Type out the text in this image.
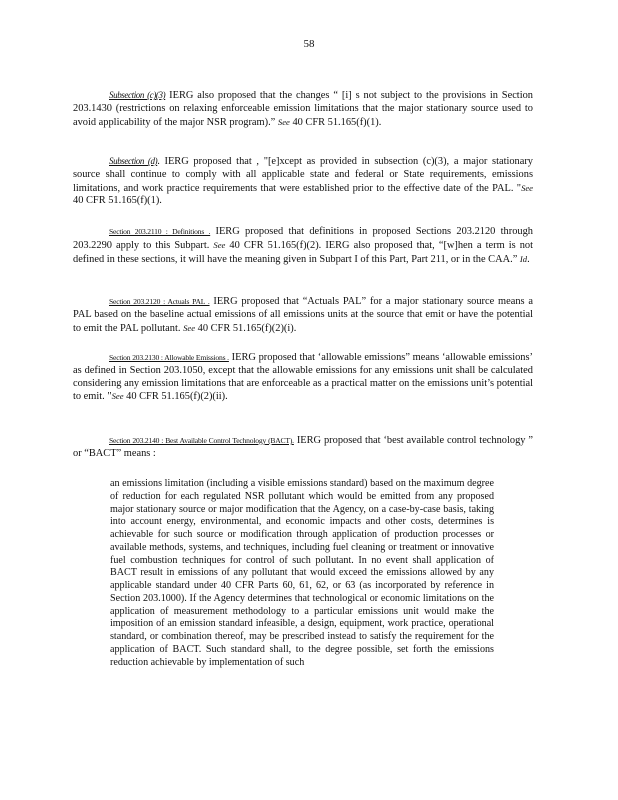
58

Subsection (c)(3) IERG also proposed that the changes “ [i] s not subject to the provisions in Section 203.1430 (restrictions on relaxing enforceable emission limitations that the major stationary source used to avoid applicability of the major NSR program).” See 40 CFR 51.165(f)(1).

Subsection (d). IERG proposed that , "[e]xcept as provided in subsection (c)(3), a major stationary source shall continue to comply with all applicable state and federal or State requirements, emissions limitations, and work practice requirements that were established prior to the effective date of the PAL. "See 40 CFR 51.165(f)(1).

Section 203.2110 : Definitions . IERG proposed that definitions in proposed Sections 203.2120 through 203.2290 apply to this Subpart. See 40 CFR 51.165(f)(2). IERG also proposed that, “[w]hen a term is not defined in these sections, it will have the meaning given in Subpart I of this Part, Part 211, or in the CAA.” Id.

Section 203.2120 : Actuals PAL . IERG proposed that “Actuals PAL” for a major stationary source means a PAL based on the baseline actual emissions of all emissions units at the source that emit or have the potential to emit the PAL pollutant. See 40 CFR 51.165(f)(2)(i).

Section 203.2130 : Allowable Emissions . IERG proposed that ‘allowable emissions” means ‘allowable emissions’ as defined in Section 203.1050, except that the allowable emissions for any emissions unit shall be calculated considering any emission limitations that are enforceable as a practical matter on the emissions unit’s potential to emit. "See 40 CFR 51.165(f)(2)(ii).

Section 203.2140 : Best Available Control Technology (BACT). IERG proposed that ‘best available control technology ” or “BACT” means :

an emissions limitation (including a visible emissions standard) based on the maximum degree of reduction for each regulated NSR pollutant which would be emitted from any proposed major stationary source or major modification that the Agency, on a case-by-case basis, taking into account energy, environmental, and economic impacts and other costs, determines is achievable for such source or modification through application of production processes or available methods, systems, and techniques, including fuel cleaning or treatment or innovative fuel combustion techniques for control of such pollutant. In no event shall application of BACT result in emissions of any pollutant that would exceed the emissions allowed by any applicable standard under 40 CFR Parts 60, 61, 62, or 63 (as incorporated by reference in Section 203.1000). If the Agency determines that technological or economic limitations on the application of measurement methodology to a particular emissions unit would make the imposition of an emission standard infeasible, a design, equipment, work practice, operational standard, or combination thereof, may be prescribed instead to satisfy the requirement for the application of BACT. Such standard shall, to the degree possible, set forth the emissions reduction achievable by implementation of such
